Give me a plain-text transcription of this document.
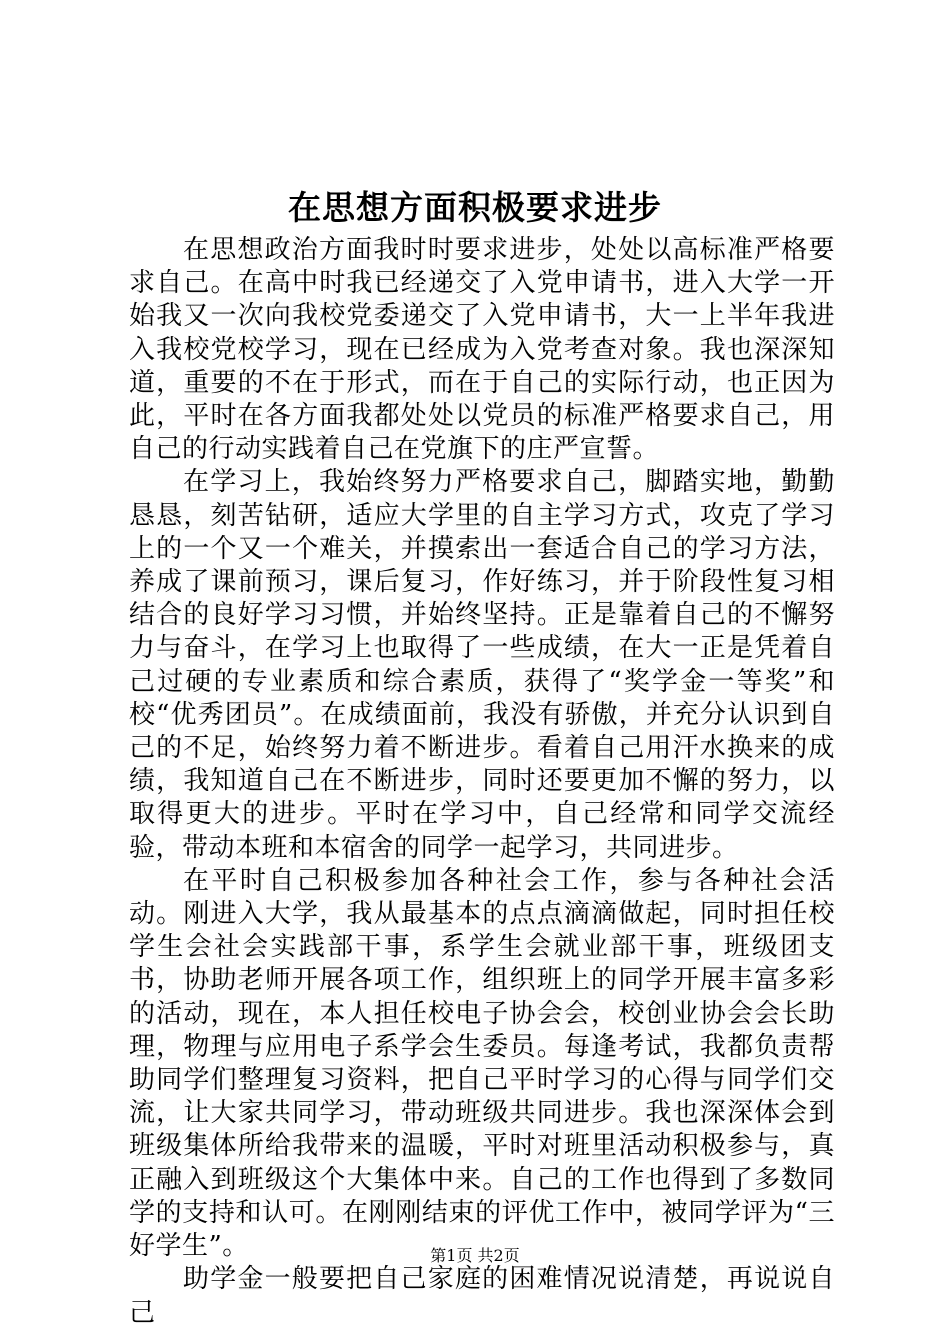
在思想方面积极要求进步

在思想政治方面我时时要求进步，处处以高标准严格要求自己。在高中时我已经递交了入党申请书，进入大学一开始我又一次向我校党委递交了入党申请书，大一上半年我进入我校党校学习，现在已经成为入党考查对象。我也深深知道，重要的不在于形式，而在于自己的实际行动，也正因为此，平时在各方面我都处处以党员的标准严格要求自己，用自己的行动实践着自己在党旗下的庄严宣誓。

在学习上，我始终努力严格要求自己，脚踏实地，勤勤恳恳，刻苦钻研，适应大学里的自主学习方式，攻克了学习上的一个又一个难关，并摸索出一套适合自己的学习方法，养成了课前预习，课后复习，作好练习，并于阶段性复习相结合的良好学习习惯，并始终坚持。正是靠着自己的不懈努力与奋斗，在学习上也取得了一些成绩，在大一正是凭着自己过硬的专业素质和综合素质，获得了“奖学金一等奖”和校“优秀团员”。在成绩面前，我没有骄傲，并充分认识到自己的不足，始终努力着不断进步。看着自己用汗水换来的成绩，我知道自己在不断进步，同时还要更加不懈的努力，以取得更大的进步。平时在学习中，自己经常和同学交流经验，带动本班和本宿舍的同学一起学习，共同进步。

在平时自己积极参加各种社会工作，参与各种社会活动。刚进入大学，我从最基本的点点滴滴做起，同时担任校学生会社会实践部干事，系学生会就业部干事，班级团支书，协助老师开展各项工作，组织班上的同学开展丰富多彩的活动，现在，本人担任校电子协会会，校创业协会会长助理，物理与应用电子系学会生委员。每逢考试，我都负责帮助同学们整理复习资料，把自己平时学习的心得与同学们交流，让大家共同学习，带动班级共同进步。我也深深体会到班级集体所给我带来的温暖，平时对班里活动积极参与，真正融入到班级这个大集体中来。自己的工作也得到了多数同学的支持和认可。在刚刚结束的评优工作中，被同学评为“三好学生”。

助学金一般要把自己家庭的困难情况说清楚，再说说自己

第1页 共2页
